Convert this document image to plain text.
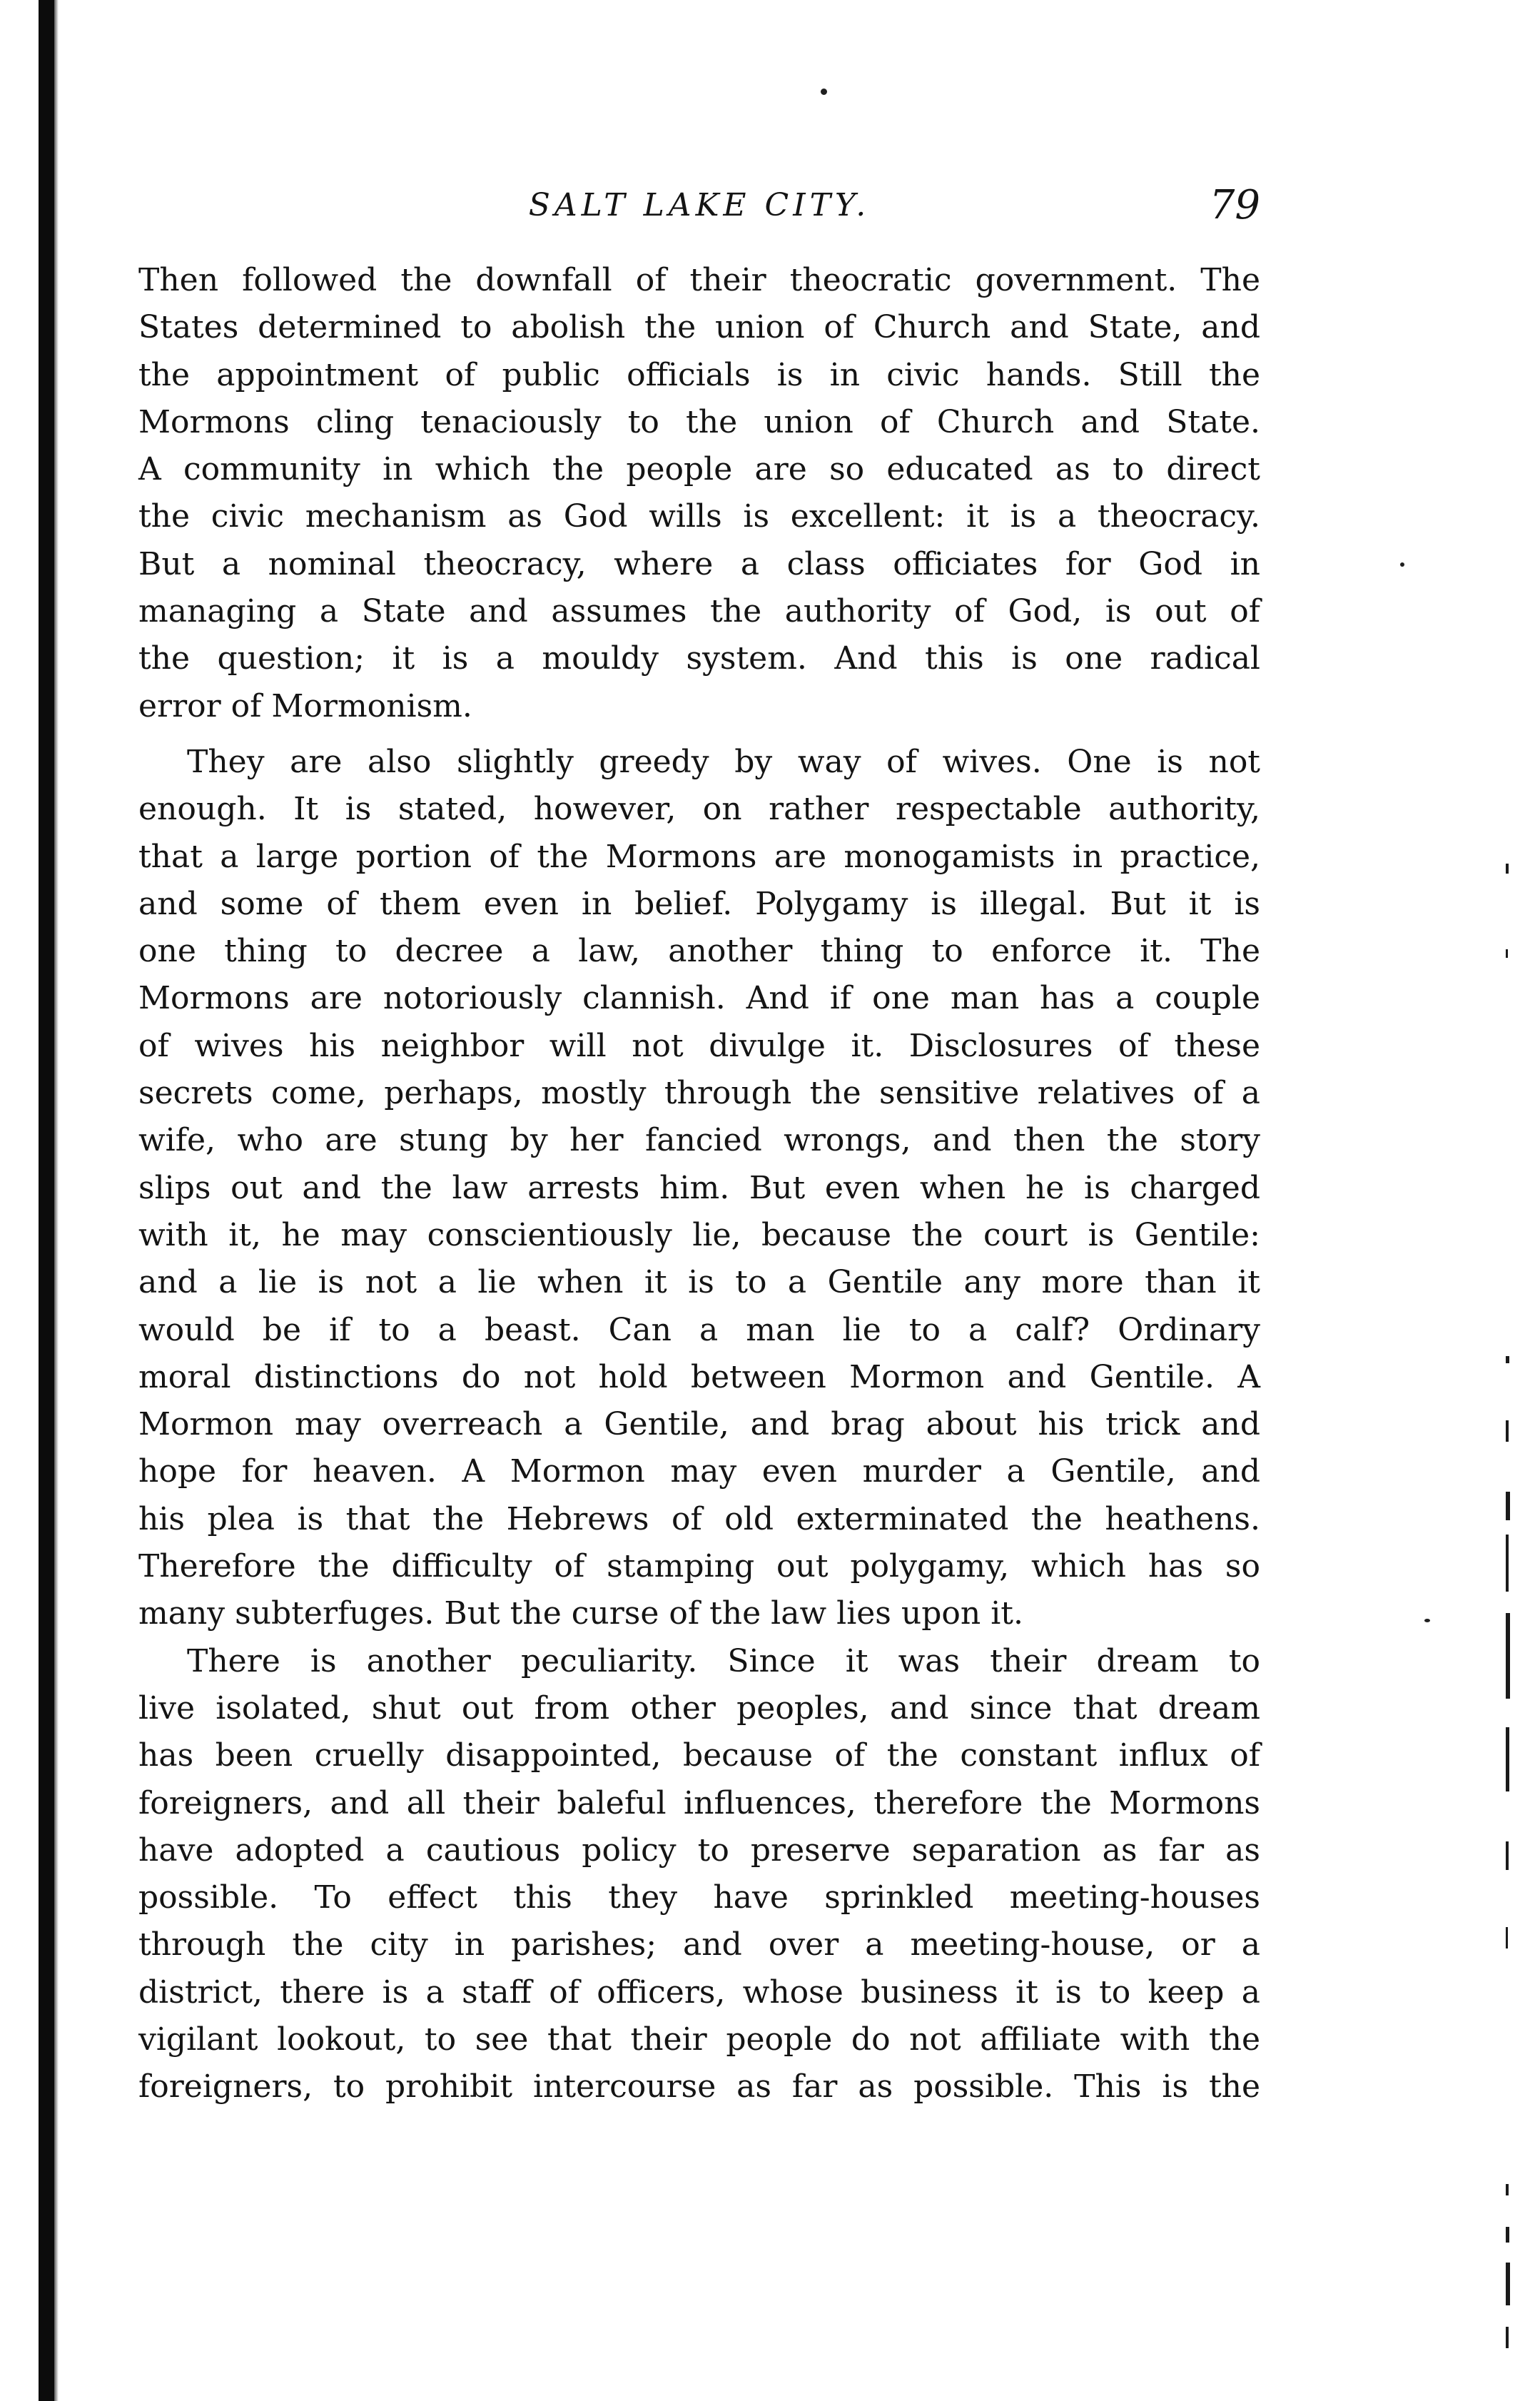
SALT LAKE CITY.	79

Then followed the downfall of their theocratic government. The
States determined to abolish the union of Church and State, and
the appointment of public officials is in civic hands. Still the
Mormons cling tenaciously to the union of Church and State.
A community in which the people are so educated as to direct
the civic mechanism as God wills is excellent: it is a theocracy.
But a nominal theocracy, where a class officiates for God in
managing a State and assumes the authority of God, is out of
the question; it is a mouldy system. And this is one radical
error of Mormonism.

They are also slightly greedy by way of wives. One is not
enough. It is stated, however, on rather respectable authority,
that a large portion of the Mormons are monogamists in practice,
and some of them even in belief. Polygamy is illegal. But it is
one thing to decree a law, another thing to enforce it. The
Mormons are notoriously clannish. And if one man has a couple
of wives his neighbor will not divulge it. Disclosures of these
secrets come, perhaps, mostly through the sensitive relatives of a
wife, who are stung by her fancied wrongs, and then the story
slips out and the law arrests him. But even when he is charged
with it, he may conscientiously lie, because the court is Gentile:
and a lie is not a lie when it is to a Gentile any more than it
would be if to a beast. Can a man lie to a calf? Ordinary
moral distinctions do not hold between Mormon and Gentile. A
Mormon may overreach a Gentile, and brag about his trick and
hope for heaven. A Mormon may even murder a Gentile, and
his plea is that the Hebrews of old exterminated the heathens.
Therefore the difficulty of stamping out polygamy, which has so
many subterfuges. But the curse of the law lies upon it.

There is another peculiarity. Since it was their dream to
live isolated, shut out from other peoples, and since that dream
has been cruelly disappointed, because of the constant influx of
foreigners, and all their baleful influences, therefore the Mormons
have adopted a cautious policy to preserve separation as far as
possible. To effect this they have sprinkled meeting-houses
through the city in parishes; and over a meeting-house, or a
district, there is a staff of officers, whose business it is to keep a
vigilant lookout, to see that their people do not affiliate with the
foreigners, to prohibit intercourse as far as possible. This is the
